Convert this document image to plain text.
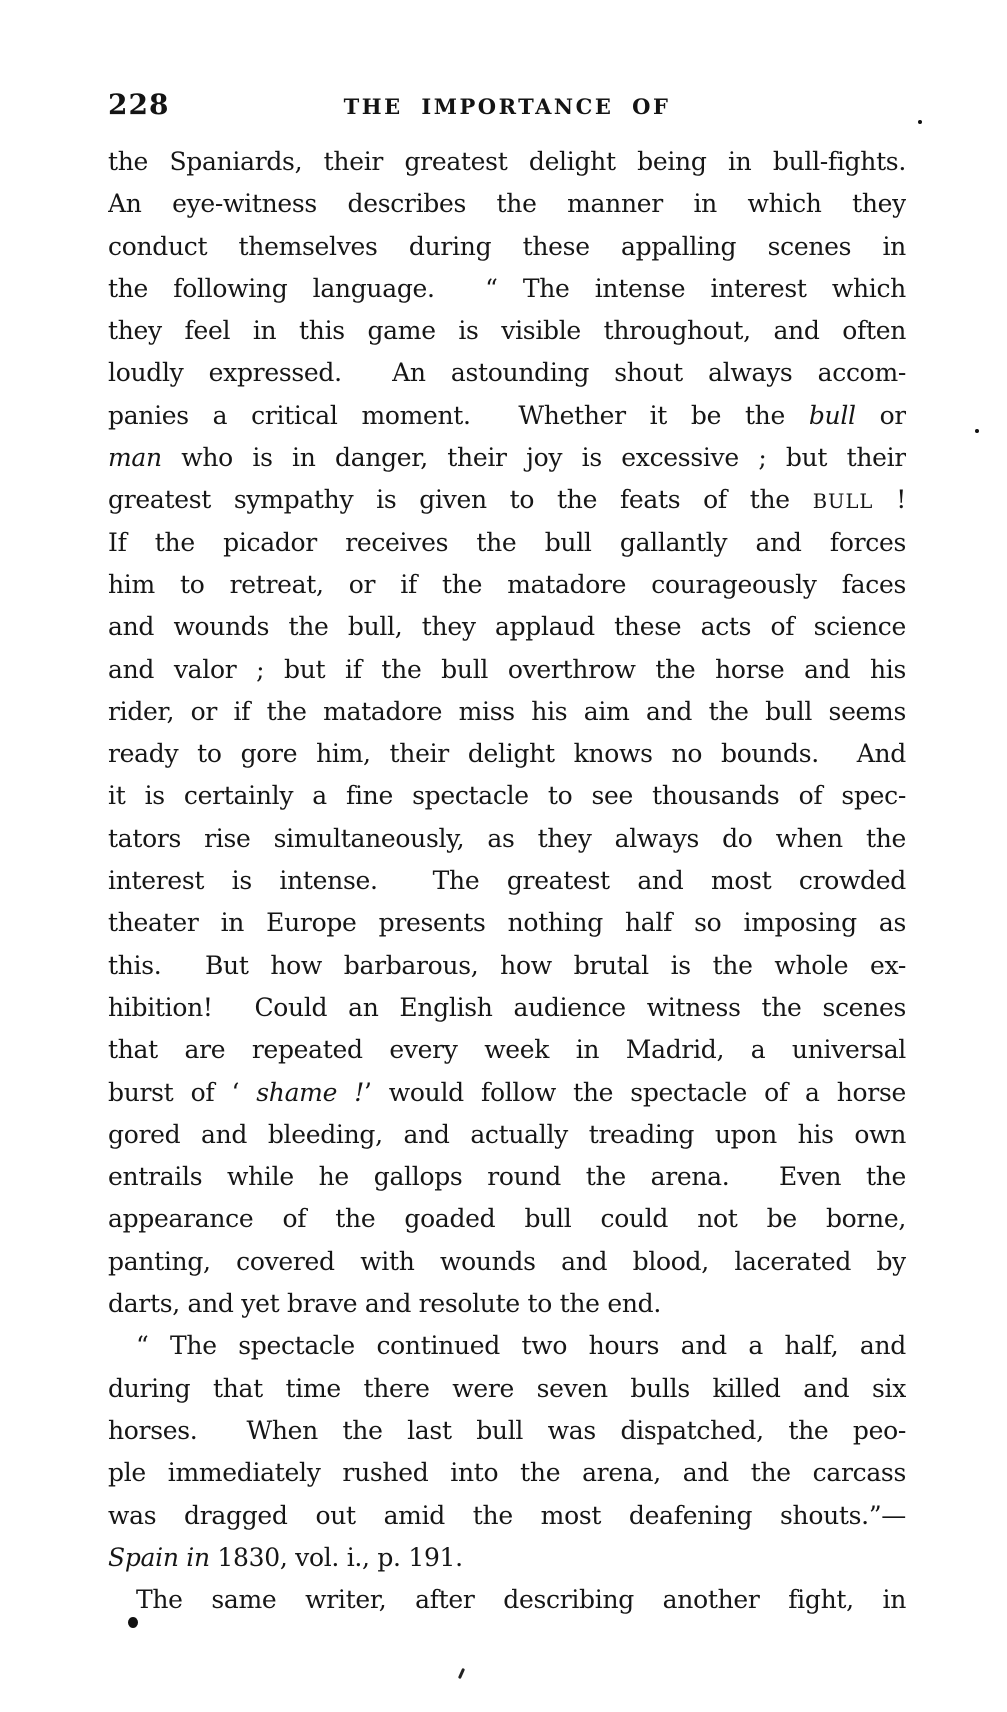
228	THE IMPORTANCE OF
the Spaniards, their greatest delight being in bull-fights.
An eye-witness describes the manner in which they
conduct themselves during these appalling scenes in
the following language.  “ The intense interest which
they feel in this game is visible throughout, and often
loudly expressed.  An astounding shout always accom-
panies a critical moment.  Whether it be the bull or
man who is in danger, their joy is excessive ; but their
greatest sympathy is given to the feats of the BULL !
If the picador receives the bull gallantly and forces
him to retreat, or if the matadore courageously faces
and wounds the bull, they applaud these acts of science
and valor ; but if the bull overthrow the horse and his
rider, or if the matadore miss his aim and the bull seems
ready to gore him, their delight knows no bounds.  And
it is certainly a fine spectacle to see thousands of spec-
tators rise simultaneously, as they always do when the
interest is intense.  The greatest and most crowded
theater in Europe presents nothing half so imposing as
this.  But how barbarous, how brutal is the whole ex-
hibition!  Could an English audience witness the scenes
that are repeated every week in Madrid, a universal
burst of ‘ shame !’ would follow the spectacle of a horse
gored and bleeding, and actually treading upon his own
entrails while he gallops round the arena.  Even the
appearance of the goaded bull could not be borne,
panting, covered with wounds and blood, lacerated by
darts, and yet brave and resolute to the end.
“ The spectacle continued two hours and a half, and
during that time there were seven bulls killed and six
horses.  When the last bull was dispatched, the peo-
ple immediately rushed into the arena, and the carcass
was dragged out amid the most deafening shouts.”—
Spain in 1830, vol. i., p. 191.
The same writer, after describing another fight, in
